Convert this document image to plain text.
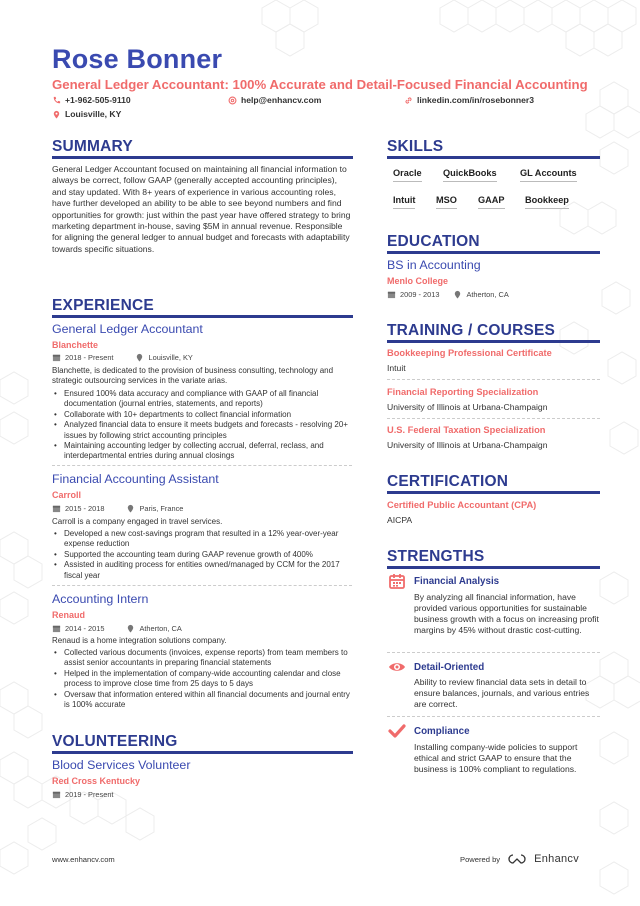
Rose Bonner
General Ledger Accountant: 100% Accurate and Detail-Focused Financial Accounting
+1-962-505-9110	help@enhancv.com	linkedin.com/in/rosebonner3
Louisville, KY
SUMMARY
General Ledger Accountant focused on maintaining all financial information to always be correct, follow GAAP (generally accepted accounting principles), and stay updated. With 8+ years of experience in various accounting roles, have further developed an ability to be able to see beyond numbers and find opportunities for growth: just within the past year have offered strategy to bring marketing department in-house, saving $5M in annual revenue. Responsible for aligning the general ledger to annual budget and forecasts with adaptability towards specific situations.
EXPERIENCE
General Ledger Accountant
Blanchette
2018 - Present	Louisville, KY
Blanchette, is dedicated to the provision of business consulting, technology and strategic outsourcing services in the variate arias.
• Ensured 100% data accuracy and compliance with GAAP of all financial documentation (journal entries, statements, and reports)
• Collaborate with 10+ departments to collect financial information
• Analyzed financial data to ensure it meets budgets and forecasts - resolving 20+ issues by following strict accounting principles
• Maintaining accounting ledger by collecting accrual, deferral, reclass, and interdepartmental entries during annual closings
Financial Accounting Assistant
Carroll
2015 - 2018	Paris, France
Carroll is a company engaged in travel services.
• Developed a new cost-savings program that resulted in a 12% year-over-year expense reduction
• Supported the accounting team during GAAP revenue growth of 400%
• Assisted in auditing process for entities owned/managed by CCM for the 2017 fiscal year
Accounting Intern
Renaud
2014 - 2015	Atherton, CA
Renaud is a home integration solutions company.
• Collected various documents (invoices, expense reports) from team members to assist senior accountants in preparing financial statements
• Helped in the implementation of company-wide accounting calendar and close process to improve close time from 25 days to 5 days
• Oversaw that information entered within all financial documents and journal entry is 100% accurate
VOLUNTEERING
Blood Services Volunteer
Red Cross Kentucky
2019 - Present
SKILLS
Oracle QuickBooks	GL Accounts
Intuit MSO GAAP Bookkeep
EDUCATION
BS in Accounting
Menlo College
2009 - 2013	Atherton, CA
TRAINING / COURSES
Bookkeeping Professional Certificate
Intuit
Financial Reporting Specialization
University of Illinois at Urbana-Champaign
U.S. Federal Taxation Specialization
University of Illinois at Urbana-Champaign
CERTIFICATION
Certified Public Accountant (CPA)
AICPA
STRENGTHS
Financial Analysis
By analyzing all financial information, have provided various opportunities for sustainable business growth with a focus on increasing profit margins by 45% without drastic cost-cutting.
Detail-Oriented
Ability to review financial data sets in detail to ensure balances, journals, and various entries are correct.
Compliance
Installing company-wide policies to support ethical and strict GAAP to ensure that the business is 100% compliant to regulations.
www.enhancv.com	Powered by	Enhancv
